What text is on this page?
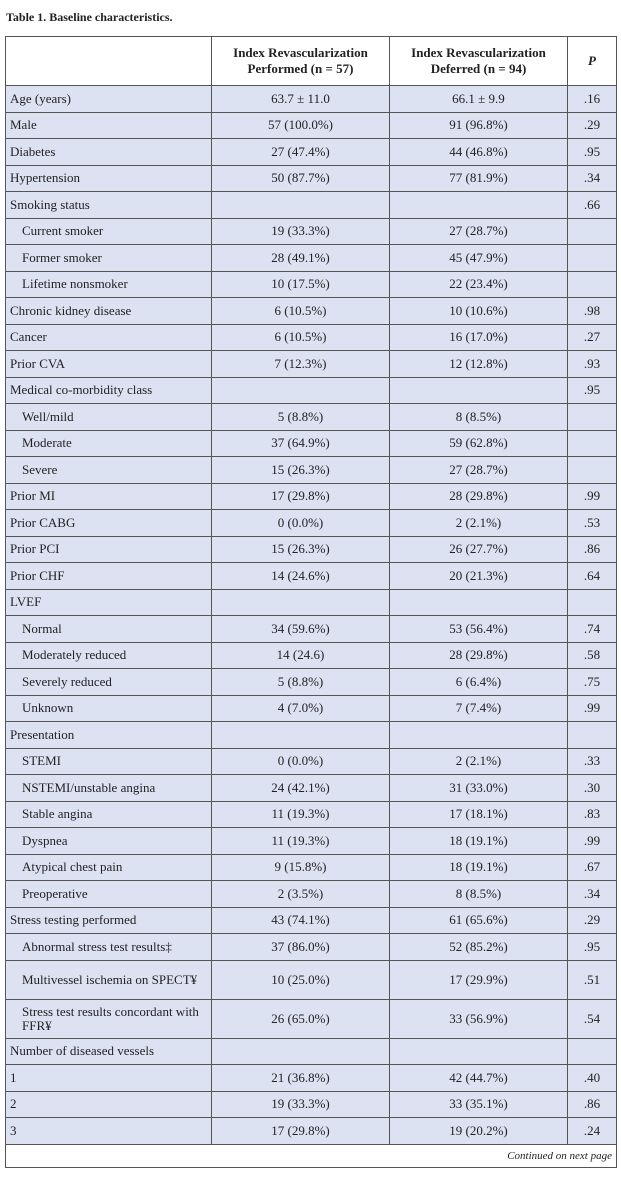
Table 1. Baseline characteristics.
	Index Revascularization Performed (n = 57)	Index Revascularization Deferred (n = 94)	P
Age (years)	63.7 ± 11.0	66.1 ± 9.9	.16
Male	57 (100.0%)	91 (96.8%)	.29
Diabetes	27 (47.4%)	44 (46.8%)	.95
Hypertension	50 (87.7%)	77 (81.9%)	.34
Smoking status			.66
Current smoker	19 (33.3%)	27 (28.7%)	
Former smoker	28 (49.1%)	45 (47.9%)	
Lifetime nonsmoker	10 (17.5%)	22 (23.4%)	
Chronic kidney disease	6 (10.5%)	10 (10.6%)	.98
Cancer	6 (10.5%)	16 (17.0%)	.27
Prior CVA	7 (12.3%)	12 (12.8%)	.93
Medical co-morbidity class			.95
Well/mild	5 (8.8%)	8 (8.5%)	
Moderate	37 (64.9%)	59 (62.8%)	
Severe	15 (26.3%)	27 (28.7%)	
Prior MI	17 (29.8%)	28 (29.8%)	.99
Prior CABG	0 (0.0%)	2 (2.1%)	.53
Prior PCI	15 (26.3%)	26 (27.7%)	.86
Prior CHF	14 (24.6%)	20 (21.3%)	.64
LVEF			
Normal	34 (59.6%)	53 (56.4%)	.74
Moderately reduced	14 (24.6)	28 (29.8%)	.58
Severely reduced	5 (8.8%)	6 (6.4%)	.75
Unknown	4 (7.0%)	7 (7.4%)	.99
Presentation			
STEMI	0 (0.0%)	2 (2.1%)	.33
NSTEMI/unstable angina	24 (42.1%)	31 (33.0%)	.30
Stable angina	11 (19.3%)	17 (18.1%)	.83
Dyspnea	11 (19.3%)	18 (19.1%)	.99
Atypical chest pain	9 (15.8%)	18 (19.1%)	.67
Preoperative	2 (3.5%)	8 (8.5%)	.34
Stress testing performed	43 (74.1%)	61 (65.6%)	.29
Abnormal stress test results‡	37 (86.0%)	52 (85.2%)	.95
Multivessel ischemia on SPECT¥	10 (25.0%)	17 (29.9%)	.51
Stress test results concordant with FFR¥	26 (65.0%)	33 (56.9%)	.54
Number of diseased vessels			
1	21 (36.8%)	42 (44.7%)	.40
2	19 (33.3%)	33 (35.1%)	.86
3	17 (29.8%)	19 (20.2%)	.24
Continued on next page			
